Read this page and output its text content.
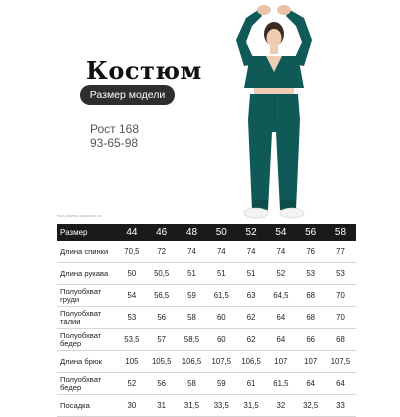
Костюм
Размер модели
Рост 168
93-65-98
*все размеры указаны в см
Размер	44	46	48	50	52	54	56	58
Длина спинки	70,5	72	74	74	74	74	76	77
Длина рукава	50	50,5	51	51	51	52	53	53
Полуобхват груди	54	56,5	59	61,5	63	64,5	68	70
Полуобхват талии	53	56	58	60	62	64	68	70
Полуобхват бедер	53,5	57	58,5	60	62	64	66	68
Длина брюк	105	105,5	106,5	107,5	106,5	107	107	107,5
Полуобхват бедер	52	56	58	59	61	61,5	64	64
Посадка	30	31	31,5	33,5	31,5	32	32,5	33
